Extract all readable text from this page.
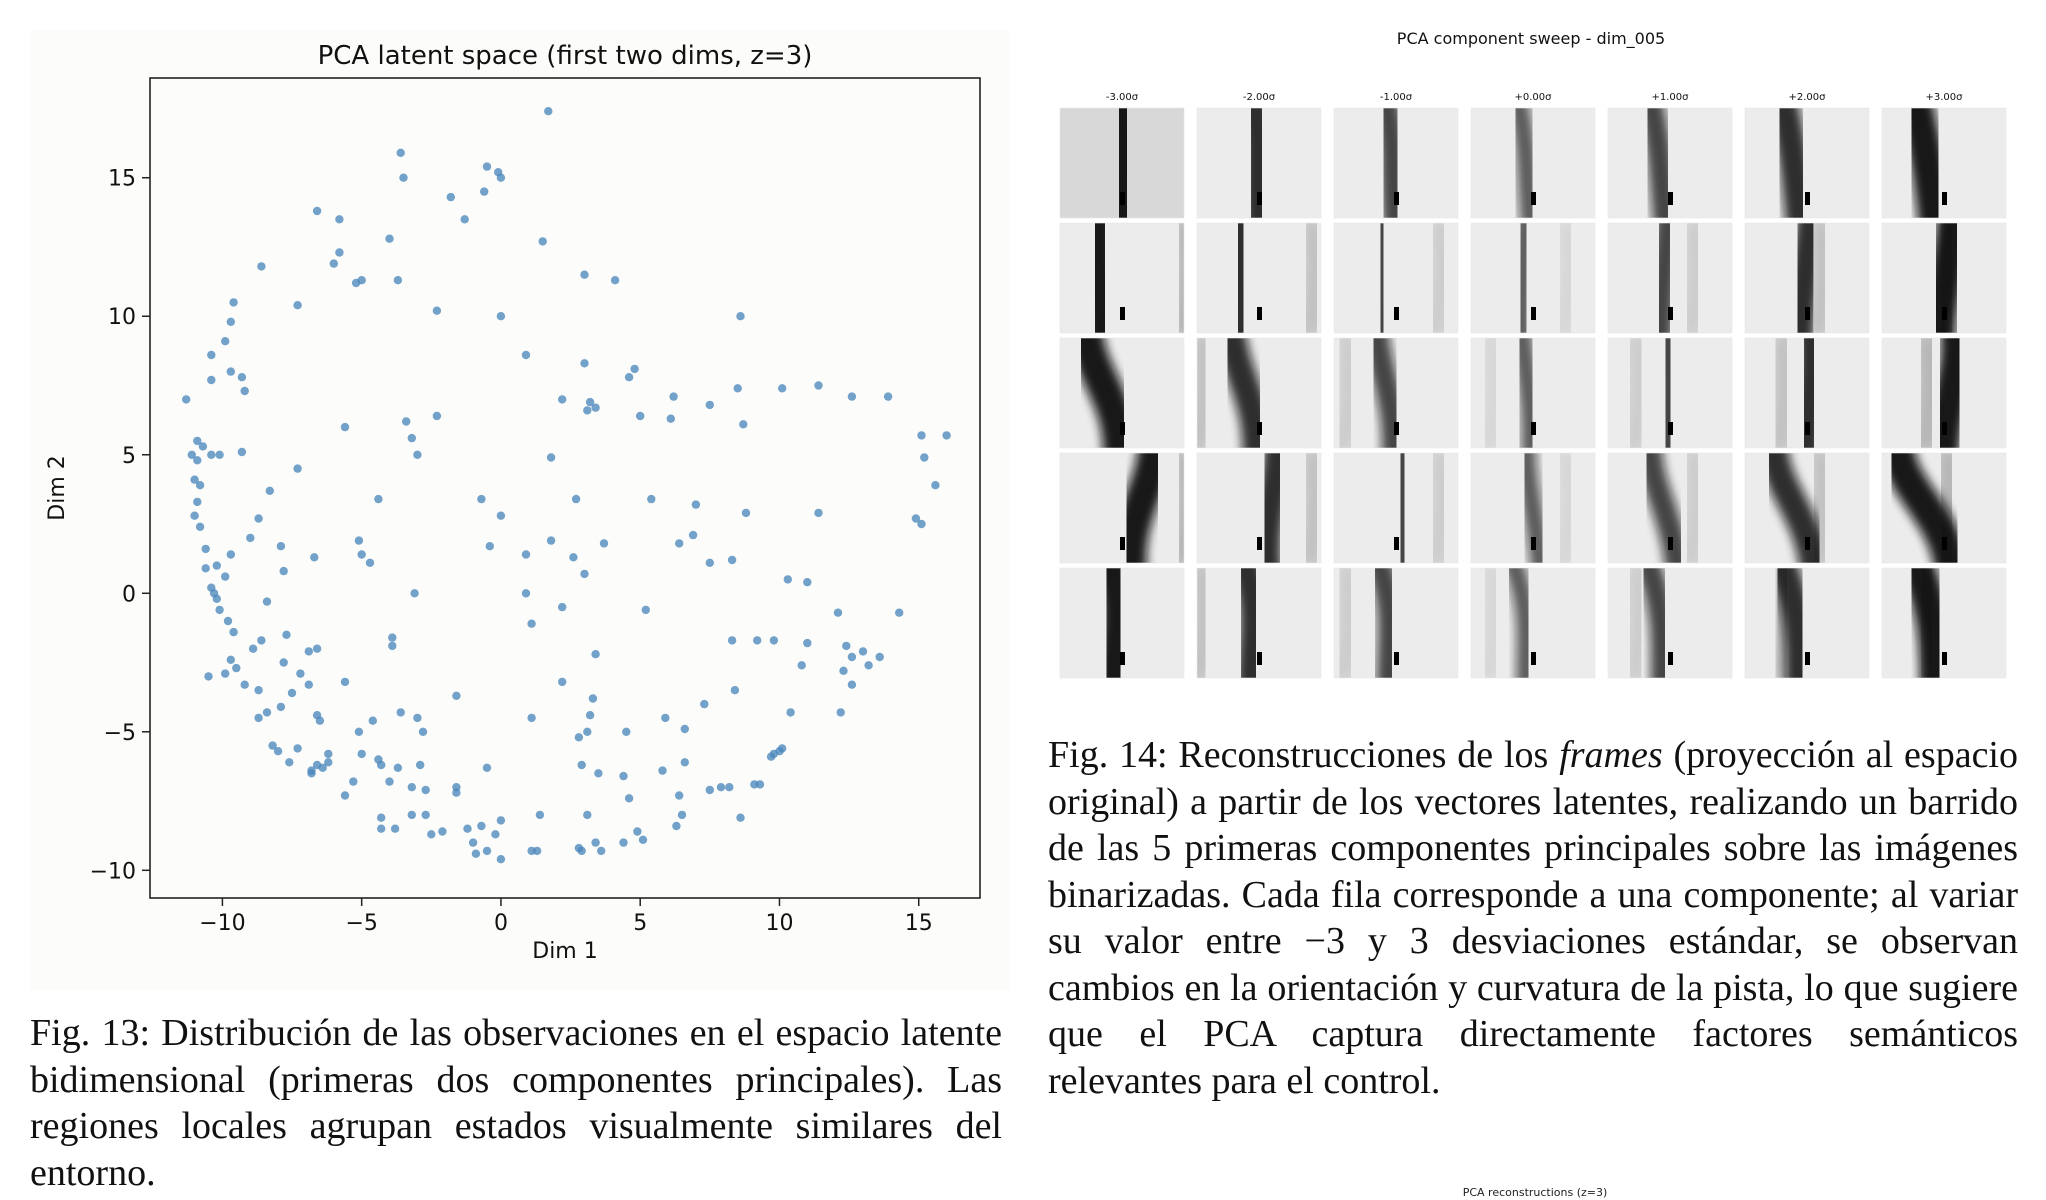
PCA latent space (first two dims, z=3)
−10	−5	0	5	10	15
−10
−5
0
5
10
15
Dim 1
Dim 2

Fig. 13: Distribución de las observaciones en el espacio latente bidimensional (primeras dos componentes principales). Las regiones locales agrupan estados visualmente similares del entorno.

PCA component sweep - dim_005
-3.00σ	-2.00σ	-1.00σ	+0.00σ	+1.00σ	+2.00σ	+3.00σ

Fig. 14: Reconstrucciones de los frames (proyección al espacio original) a partir de los vectores latentes, realizando un barrido de las 5 primeras componentes principales sobre las imágenes binarizadas. Cada fila corresponde a una componente; al variar su valor entre −3 y 3 desviaciones estándar, se observan cambios en la orientación y curvatura de la pista, lo que sugiere que el PCA captura directamente factores semánticos relevantes para el control.

PCA reconstructions (z=3)
